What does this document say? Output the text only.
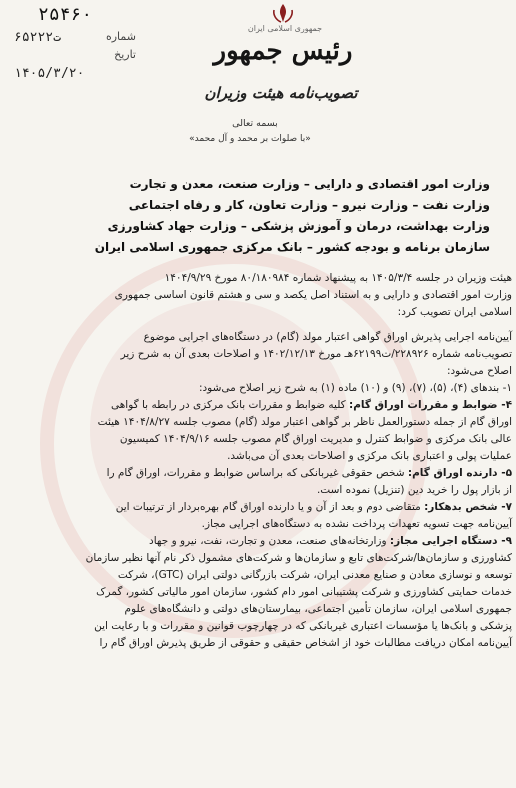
۲۵۴۶۰
شماره
۶۵۲۲۲ت
تاریخ
۱۴۰۵/۳/۲۰
جمهوری اسلامی ایران
رئیس جمهور
تصویب‌نامه هیئت وزیران
بسمه تعالی
«با صلوات بر محمد و آل محمد»
وزارت امور اقتصادی و دارایی – وزارت صنعت، معدن و تجارت
وزارت نفت – وزارت نیرو – وزارت تعاون، کار و رفاه اجتماعی
وزارت بهداشت، درمان و آموزش پزشکی – وزارت جهاد کشاورزی
سازمان برنامه و بودجه کشور – بانک مرکزی جمهوری اسلامی ایران
هیئت وزیران در جلسه ۱۴۰۵/۳/۴ به پیشنهاد شماره ۸۰/۱۸۰۹۸۴ مورخ ۱۴۰۴/۹/۲۹
وزارت امور اقتصادی و دارایی و به استناد اصل یکصد و سی و هشتم قانون اساسی جمهوری
اسلامی ایران تصویب کرد:
آیین‌نامه اجرایی پذیرش اوراق گواهی اعتبار مولد (گام) در دستگاه‌های اجرایی موضوع
تصویب‌نامه شماره ۲۲۸۹۲۶/ت۶۲۱۹۹هـ مورخ ۱۴۰۲/۱۲/۱۳ و اصلاحات بعدی آن به شرح زیر
اصلاح می‌شود:
۱- بندهای (۴)، (۵)، (۷)، (۹) و (۱۰) ماده (۱) به شرح زیر اصلاح می‌شود:
۴- ضوابط و مقررات اوراق گام: کلیه ضوابط و مقررات بانک مرکزی در رابطه با گواهی
اوراق گام از جمله دستورالعمل ناظر بر گواهی اعتبار مولد (گام) مصوب جلسه ۱۴۰۴/۸/۲۷ هیئت
عالی بانک مرکزی و ضوابط کنترل و مدیریت اوراق گام مصوب جلسه ۱۴۰۴/۹/۱۶ کمیسیون
عملیات پولی و اعتباری بانک مرکزی و اصلاحات بعدی آن می‌باشد.
۵- دارنده اوراق گام: شخص حقوقی غیربانکی که براساس ضوابط و مقررات، اوراق گام را
از بازار پول را خرید دین (تنزیل) نموده است.
۷- شخص بدهکار: متقاضی دوم و بعد از آن و یا دارنده اوراق گام بهره‌بردار از ترتیبات این
آیین‌نامه جهت تسویه تعهدات پرداخت نشده به دستگاه‌های اجرایی مجاز.
۹- دستگاه اجرایی مجاز: وزارتخانه‌های صنعت، معدن و تجارت، نفت، نیرو و جهاد
کشاورزی و سازمان‌ها/شرکت‌های تابع و سازمان‌ها و شرکت‌های مشمول ذکر نام آنها نظیر سازمان
توسعه و نوسازی معادن و صنایع معدنی ایران، شرکت بازرگانی دولتی ایران (GTC)، شرکت
خدمات حمایتی کشاورزی و شرکت پشتیبانی امور دام کشور، سازمان امور مالیاتی کشور، گمرک
جمهوری اسلامی ایران، سازمان تأمین اجتماعی، بیمارستان‌های دولتی و دانشگاه‌های علوم
پزشکی و بانک‌ها یا مؤسسات اعتباری غیربانکی که در چهارچوب قوانین و مقررات و با رعایت این
آیین‌نامه امکان دریافت مطالبات خود از اشخاص حقیقی و حقوقی از طریق پذیرش اوراق گام را
